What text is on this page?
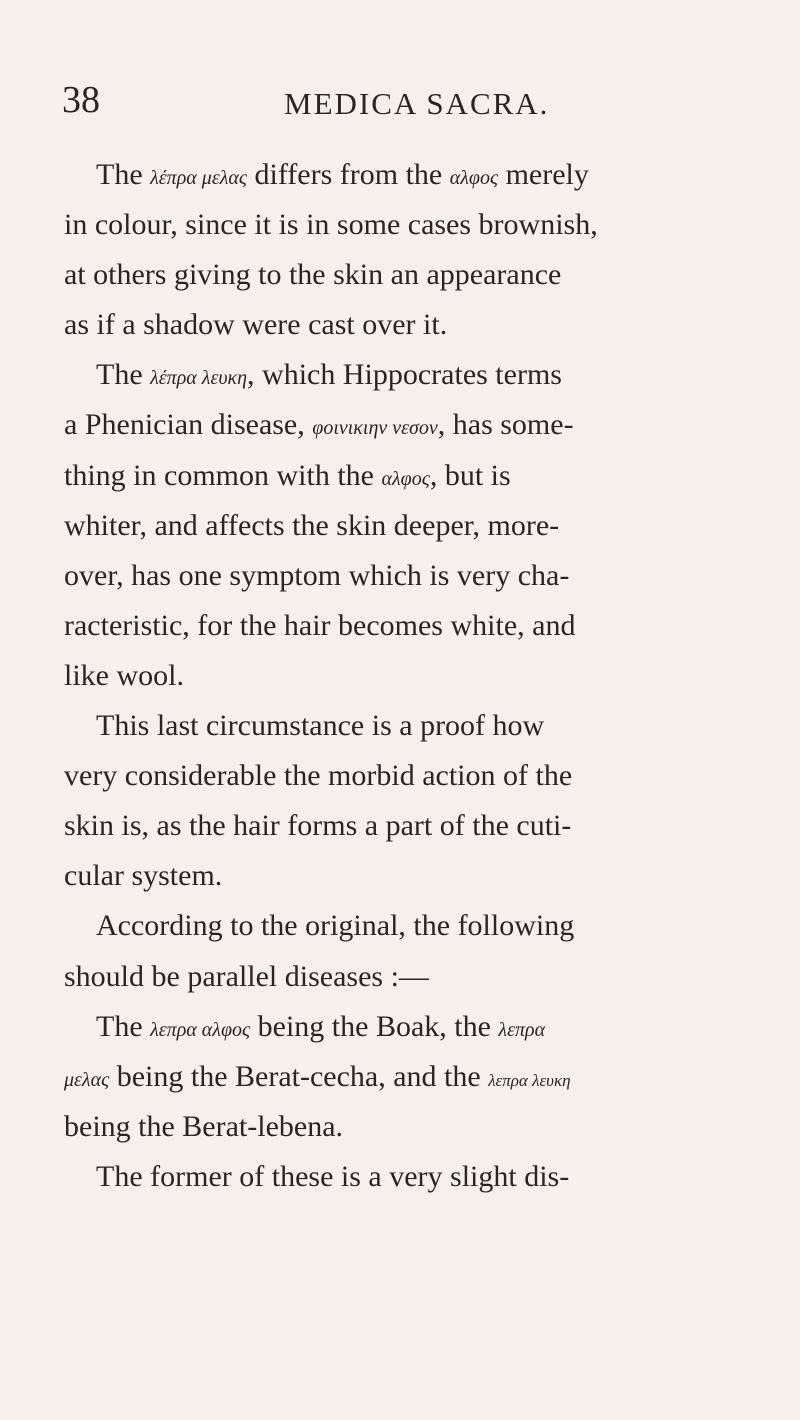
38	MEDICA SACRA.
The λέπρα μελας differs from the αλφος merely
in colour, since it is in some cases brownish,
at others giving to the skin an appearance
as if a shadow were cast over it.
The λέπρα λευκη, which Hippocrates terms
a Phenician disease, φοινικιην νεσον, has some-
thing in common with the αλφος, but is
whiter, and affects the skin deeper, more-
over, has one symptom which is very cha-
racteristic, for the hair becomes white, and
like wool.
This last circumstance is a proof how
very considerable the morbid action of the
skin is, as the hair forms a part of the cuti-
cular system.
According to the original, the following
should be parallel diseases :—
The λεπρα αλφος being the Boak, the λεπρα
μελας being the Berat-cecha, and the λεπρα λευκη
being the Berat-lebena.
The former of these is a very slight dis-
